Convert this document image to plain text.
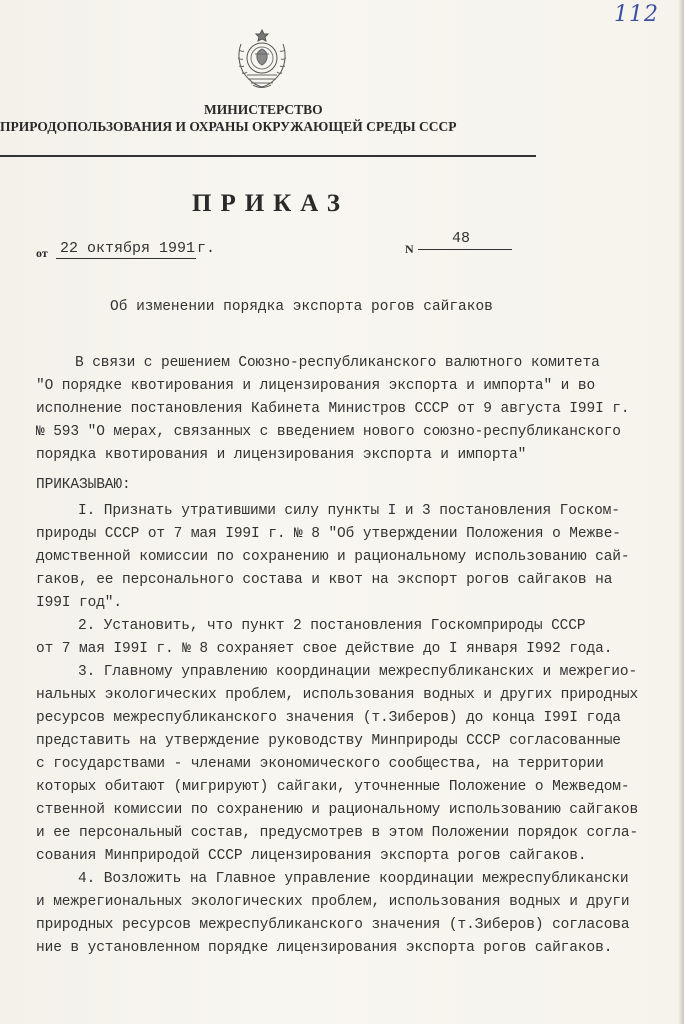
112
МИНИСТЕРСТВО
ПРИРОДОПОЛЬЗОВАНИЯ И ОХРАНЫ ОКРУЖАЮЩЕЙ СРЕДЫ СССР
ПРИКАЗ
от 22 октября 1991 г.	N
48
Об изменении порядка экспорта рогов сайгаков
В связи с решением Союзно-республиканского валютного комитета
"О порядке квотирования и лицензирования экспорта и импорта" и во
исполнение постановления Кабинета Министров СССР от 9 августа I99I г.
№ 593 "О мерах, связанных с введением нового союзно-республиканского
порядка квотирования и лицензирования экспорта и импорта"
ПРИКАЗЫВАЮ:
I. Признать утратившими силу пункты I и 3 постановления Госком-
природы СССР от 7 мая I99I г. № 8 "Об утверждении Положения о Межве-
домственной комиссии по сохранению и рациональному использованию сай-
гаков, ее персонального состава и квот на экспорт рогов сайгаков на
I99I год".
2. Установить, что пункт 2 постановления Госкомприроды СССР
от 7 мая I99I г. № 8 сохраняет свое действие до I января I992 года.
3. Главному управлению координации межреспубликанских и межрегио-
нальных экологических проблем, использования водных и других природных
ресурсов межреспубликанского значения (т.Зиберов) до конца I99I года
представить на утверждение руководству Минприроды СССР согласованные
с государствами - членами экономического сообщества, на территории
которых обитают (мигрируют) сайгаки, уточненные Положение о Межведом-
ственной комиссии по сохранению и рациональному использованию сайгаков
и ее персональный состав, предусмотрев в этом Положении порядок согла-
сования Минприродой СССР лицензирования экспорта рогов сайгаков.
4. Возложить на Главное управление координации межреспубликански
и межрегиональных экологических проблем, использования водных и други
природных ресурсов межреспубликанского значения (т.Зиберов) согласова
ние в установленном порядке лицензирования экспорта рогов сайгаков.
